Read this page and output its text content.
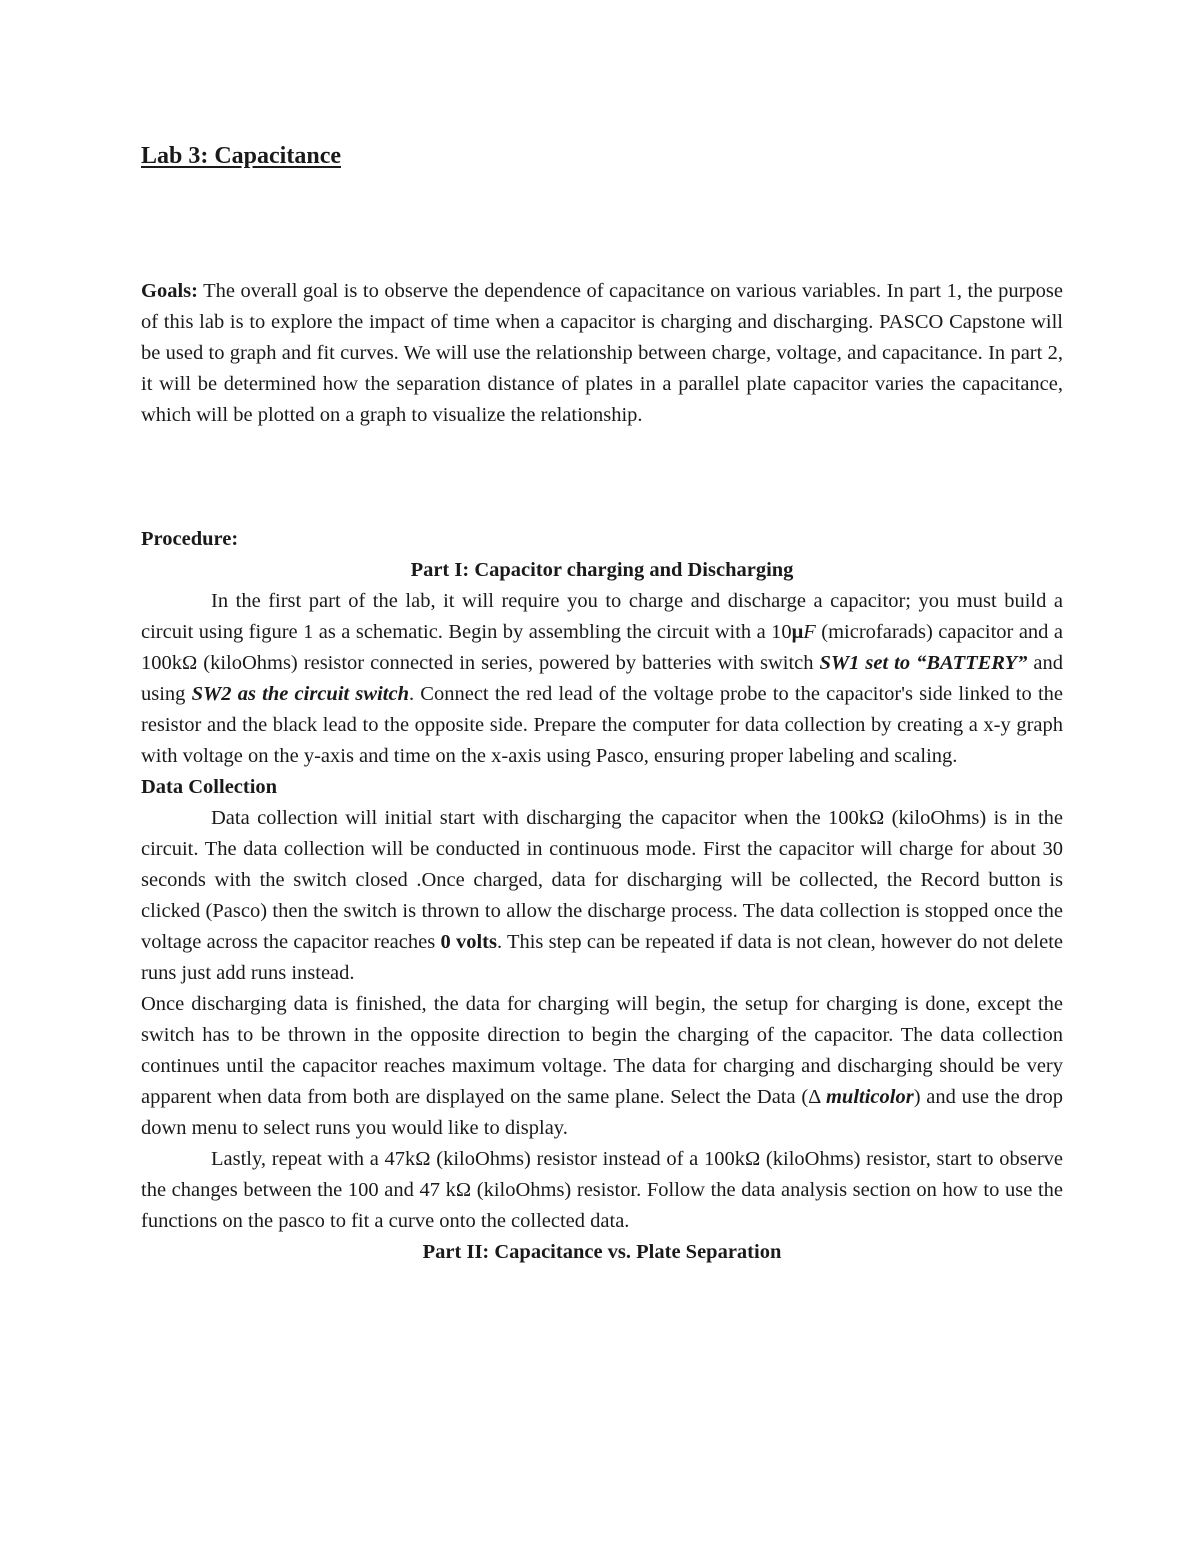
Lab 3: Capacitance

Goals: The overall goal is to observe the dependence of capacitance on various variables. In part 1, the purpose of this lab is to explore the impact of time when a capacitor is charging and discharging. PASCO Capstone will be used to graph and fit curves. We will use the relationship between charge, voltage, and capacitance. In part 2, it will be determined how the separation distance of plates in a parallel plate capacitor varies the capacitance, which will be plotted on a graph to visualize the relationship.

Procedure:

Part I: Capacitor charging and Discharging

In the first part of the lab, it will require you to charge and discharge a capacitor; you must build a circuit using figure 1 as a schematic. Begin by assembling the circuit with a 10μF (microfarads) capacitor and a 100kΩ (kiloOhms) resistor connected in series, powered by batteries with switch SW1 set to “BATTERY” and using SW2 as the circuit switch. Connect the red lead of the voltage probe to the capacitor's side linked to the resistor and the black lead to the opposite side. Prepare the computer for data collection by creating a x-y graph with voltage on the y-axis and time on the x-axis using Pasco, ensuring proper labeling and scaling.

Data Collection

Data collection will initial start with discharging the capacitor when the 100kΩ (kiloOhms) is in the circuit. The data collection will be conducted in continuous mode. First the capacitor will charge for about 30 seconds with the switch closed .Once charged, data for discharging will be collected, the Record button is clicked (Pasco) then the switch is thrown to allow the discharge process. The data collection is stopped once the voltage across the capacitor reaches 0 volts. This step can be repeated if data is not clean, however do not delete runs just add runs instead.

Once discharging data is finished, the data for charging will begin, the setup for charging is done, except the switch has to be thrown in the opposite direction to begin the charging of the capacitor. The data collection continues until the capacitor reaches maximum voltage. The data for charging and discharging should be very apparent when data from both are displayed on the same plane. Select the Data (Δ multicolor) and use the drop down menu to select runs you would like to display.

Lastly, repeat with a 47kΩ (kiloOhms) resistor instead of a 100kΩ (kiloOhms) resistor, start to observe the changes between the 100 and 47 kΩ (kiloOhms) resistor. Follow the data analysis section on how to use the functions on the pasco to fit a curve onto the collected data.

Part II: Capacitance vs. Plate Separation
